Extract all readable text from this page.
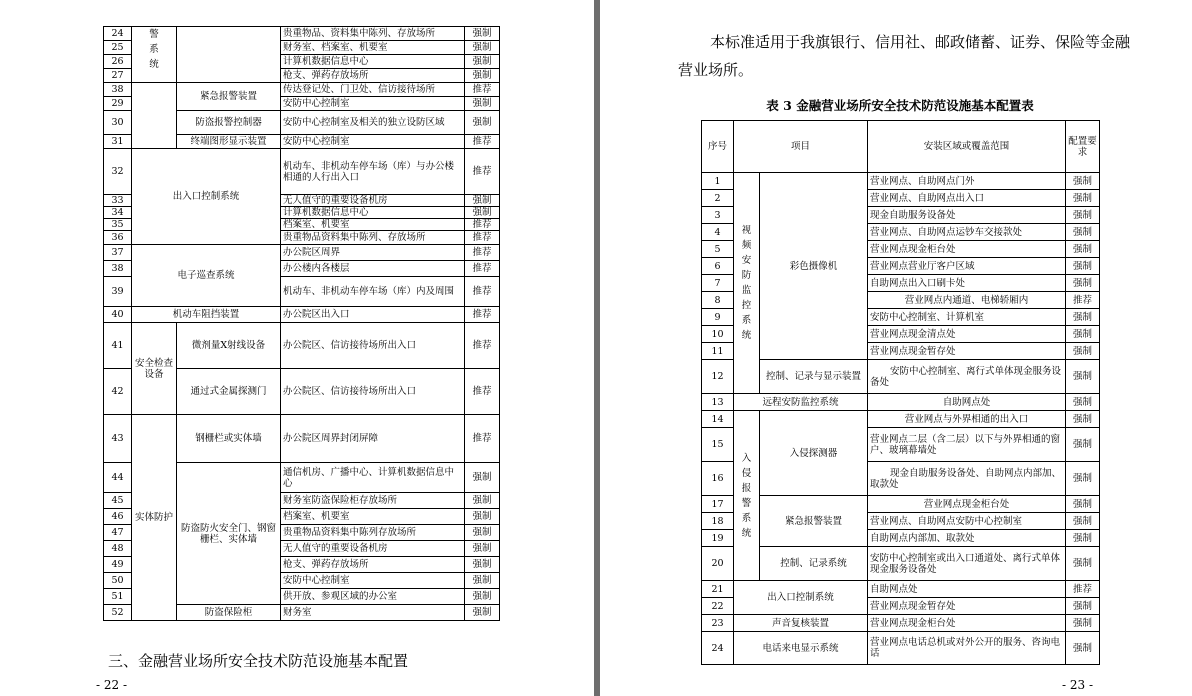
24	警系统		贵重物品、资料集中陈列、存放场所	强制
25			财务室、档案室、机要室	强制
26			计算机数据信息中心	强制
27			枪支、弹药存放场所	强制
38		紧急报警装置	传达登记处、门卫处、信访接待场所	推荐
29			安防中心控制室	强制
30		防盗报警控制器	安防中心控制室及相关的独立设防区域	强制
31		终端图形显示装置	安防中心控制室	推荐
32	出入口控制系统		机动车、非机动车停车场（库）与办公楼相通的人行出入口	推荐
33			无人值守的重要设备机房	强制
34			计算机数据信息中心	强制
35			档案室、机要室	推荐
36			贵重物品资料集中陈列、存放场所	推荐
37	电子巡查系统		办公院区周界	推荐
38			办公楼内各楼层	推荐
39			机动车、非机动车停车场（库）内及周围	推荐
40	机动车阻挡装置		办公院区出入口	推荐
41	安全检查设备	微剂量X射线设备	办公院区、信访接待场所出入口	推荐
42		通过式金属探测门	办公院区、信访接待场所出入口	推荐
43	实体防护	钢栅栏或实体墙	办公院区周界封闭屏障	推荐
44		防盗防火安全门、钢窗栅栏、实体墙	通信机房、广播中心、计算机数据信息中心	强制
45			财务室防盗保险柜存放场所	强制
46			档案室、机要室	强制
47			贵重物品资料集中陈列存放场所	强制
48			无人值守的重要设备机房	强制
49			枪支、弹药存放场所	强制
50			安防中心控制室	强制
51			供开放、参观区域的办公室	强制
52		防盗保险柜	财务室	强制
三、金融营业场所安全技术防范设施基本配置
- 22 -
本标准适用于我旗银行、信用社、邮政储蓄、证券、保险等金融营业场所。
表 3 金融营业场所安全技术防范设施基本配置表
序号	项目		安装区域或覆盖范围	配置要求
1	视频安防监控系统	彩色摄像机	营业网点、自助网点门外	强制
2			营业网点、自助网点出入口	强制
3			现金自助服务设备处	强制
4			营业网点、自助网点运钞车交接款处	强制
5			营业网点现金柜台处	强制
6			营业网点营业厅客户区域	强制
7			自助网点出入口刷卡处	强制
8			营业网点内通道、电梯轿厢内	推荐
9			安防中心控制室、计算机室	强制
10			营业网点现金清点处	强制
11			营业网点现金暂存处	强制
12		控制、记录与显示装置	安防中心控制室、离行式单体现金服务设备处	强制
13	远程安防监控系统		自助网点处	强制
14	入侵报警系统	入侵探测器	营业网点与外界相通的出入口	强制
15			营业网点二层（含二层）以下与外界相通的窗户、玻璃幕墙处	强制
16			现金自助服务设备处、自助网点内部加、取款处	强制
17		紧急报警装置	营业网点现金柜台处	强制
18			营业网点、自助网点安防中心控制室	强制
19			自助网点内部加、取款处	强制
20		控制、记录系统	安防中心控制室或出入口通道处、离行式单体现金服务设备处	强制
21	出入口控制系统		自助网点处	推荐
22			营业网点现金暂存处	强制
23	声音复核装置		营业网点现金柜台处	强制
24	电话来电显示系统		营业网点电话总机或对外公开的服务、咨询电话	强制
- 23 -
